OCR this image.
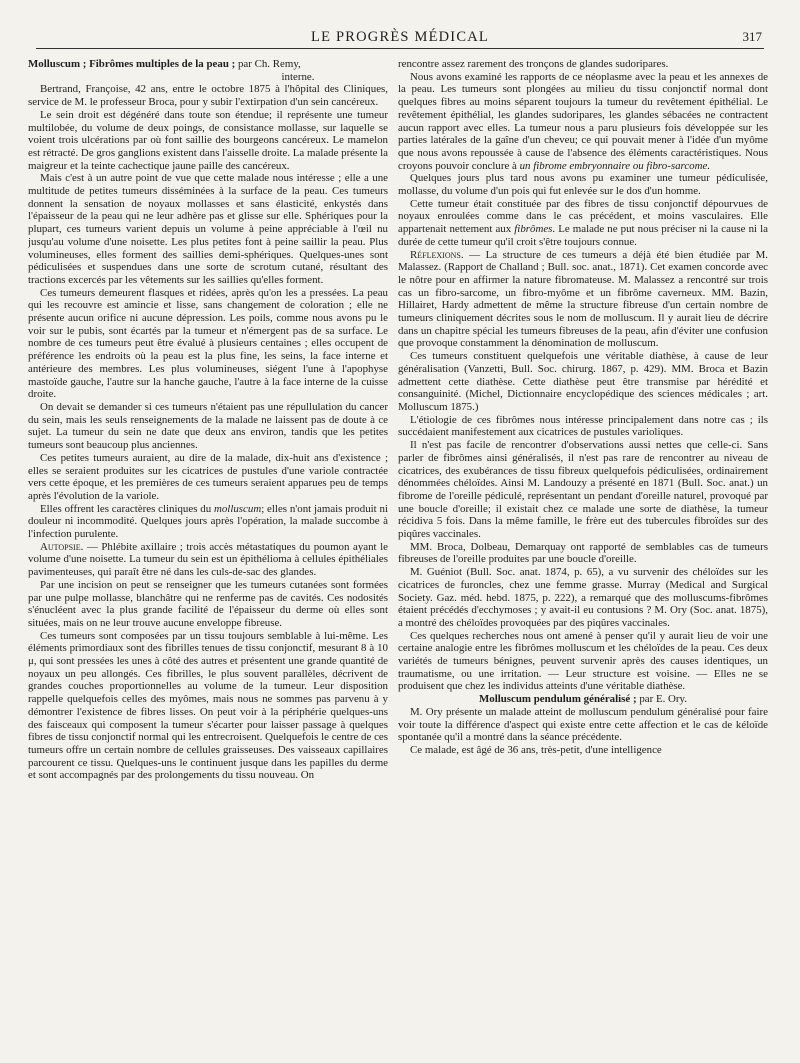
LE PROGRÈS MÉDICAL	317

Molluscum ; Fibrômes multiples de la peau ; par Ch. Remy,
interne.

Bertrand, Françoise, 42 ans, entre le octobre 1875 à l'hôpital des Cliniques, service de M. le professeur Broca, pour y subir l'extirpation d'un sein cancéreux.

Le sein droit est dégénéré dans toute son étendue; il représente une tumeur multilobée, du volume de deux poings, de consistance mollasse, sur laquelle se voient trois ulcérations par où font saillie des bourgeons cancéreux. Le mamelon est rétracté. De gros ganglions existent dans l'aisselle droite. La malade présente la maigreur et la teinte cachectique jaune paille des cancéreux.

Mais c'est à un autre point de vue que cette malade nous intéresse ; elle a une multitude de petites tumeurs disséminées à la surface de la peau. Ces tumeurs donnent la sensation de noyaux mollasses et sans élasticité, enkystés dans l'épaisseur de la peau qui ne leur adhère pas et glisse sur elle. Sphériques pour la plupart, ces tumeurs varient depuis un volume à peine appréciable à l'œil nu jusqu'au volume d'une noisette. Les plus petites font à peine saillir la peau. Plus volumineuses, elles forment des saillies demi-sphériques. Quelques-unes sont pédiculisées et suspendues dans une sorte de scrotum cutané, résultant des tractions excercés par les vêtements sur les saillies qu'elles forment.

Ces tumeurs demeurent flasques et ridées, après qu'on les a pressées. La peau qui les recouvre est amincie et lisse, sans changement de coloration ; elle ne présente aucun orifice ni aucune dépression. Les poils, comme nous avons pu le voir sur le pubis, sont écartés par la tumeur et n'émergent pas de sa surface. Le nombre de ces tumeurs peut être évalué à plusieurs centaines ; elles occupent de préférence les endroits où la peau est la plus fine, les seins, la face interne et antérieure des membres. Les plus volumineuses, siégent l'une à l'apophyse mastoïde gauche, l'autre sur la hanche gauche, l'autre à la face interne de la cuisse droite.

On devait se demander si ces tumeurs n'étaient pas une répullulation du cancer du sein, mais les seuls renseignements de la malade ne laissent pas de doute à ce sujet. La tumeur du sein ne date que deux ans environ, tandis que les petites tumeurs sont beaucoup plus anciennes.

Ces petites tumeurs auraient, au dire de la malade, dix-huit ans d'existence ; elles se seraient produites sur les cicatrices de pustules d'une variole contractée vers cette époque, et les premières de ces tumeurs seraient apparues peu de temps après l'évolution de la variole.

Elles offrent les caractères cliniques du molluscum; elles n'ont jamais produit ni douleur ni incommodité. Quelques jours après l'opération, la malade succombe à l'infection purulente.

Autopsie. — Phlébite axillaire ; trois accès métastatiques du poumon ayant le volume d'une noisette. La tumeur du sein est un épithélioma à cellules épithéliales pavimenteuses, qui paraît être né dans les culs-de-sac des glandes.

Par une incision on peut se renseigner que les tumeurs cutanées sont formées par une pulpe mollasse, blanchâtre qui ne renferme pas de cavités. Ces nodosités s'énucléent avec la plus grande facilité de l'épaisseur du derme où elles sont situées, mais on ne leur trouve aucune enveloppe fibreuse.

Ces tumeurs sont composées par un tissu toujours semblable à lui-même. Les éléments primordiaux sont des fibrilles tenues de tissu conjonctif, mesurant 8 à 10 μ, qui sont pressées les unes à côté des autres et présentent une grande quantité de noyaux un peu allongés. Ces fibrilles, le plus souvent parallèles, décrivent de grandes couches proportionnelles au volume de la tumeur. Leur disposition rappelle quelquefois celles des myômes, mais nous ne sommes pas parvenu à y démontrer l'existence de fibres lisses. On peut voir à la périphérie quelques-uns des faisceaux qui composent la tumeur s'écarter pour laisser passage à quelques fibres de tissu conjonctif normal qui les entrecroisent. Quelquefois le centre de ces tumeurs offre un certain nombre de cellules graisseuses. Des vaisseaux capillaires parcourent ce tissu. Quelques-uns le continuent jusque dans les papilles du derme et sont accompagnés par des prolongements du tissu nouveau. On

rencontre assez rarement des tronçons de glandes sudoripares.

Nous avons examiné les rapports de ce néoplasme avec la peau et les annexes de la peau. Les tumeurs sont plongées au milieu du tissu conjonctif normal dont quelques fibres au moins séparent toujours la tumeur du revêtement épithélial. Le revêtement épithélial, les glandes sudoripares, les glandes sébacées ne contractent aucun rapport avec elles. La tumeur nous a paru plusieurs fois développée sur les parties latérales de la gaîne d'un cheveu; ce qui pouvait mener à l'idée d'un myôme que nous avons repoussée à cause de l'absence des éléments caractéristiques. Nous croyons pouvoir conclure à un fibrome embryonnaire ou fibro-sarcome.

Quelques jours plus tard nous avons pu examiner une tumeur pédiculisée, mollasse, du volume d'un pois qui fut enlevée sur le dos d'un homme.

Cette tumeur était constituée par des fibres de tissu conjonctif dépourvues de noyaux enroulées comme dans le cas précédent, et moins vasculaires. Elle appartenait nettement aux fibrômes. Le malade ne put nous préciser ni la cause ni la durée de cette tumeur qu'il croit s'être toujours connue.

Réflexions. — La structure de ces tumeurs a déjà été bien étudiée par M. Malassez. (Rapport de Challand ; Bull. soc. anat., 1871). Cet examen concorde avec le nôtre pour en affirmer la nature fibromateuse. M. Malassez a rencontré sur trois cas un fibro-sarcome, un fibro-myôme et un fibrôme caverneux. MM. Bazin, Hillairet, Hardy admettent de même la structure fibreuse d'un certain nombre de tumeurs cliniquement décrites sous le nom de molluscum. Il y aurait lieu de décrire dans un chapitre spécial les tumeurs fibreuses de la peau, afin d'éviter une confusion que provoque constamment la dénomination de molluscum.

Ces tumeurs constituent quelquefois une véritable diathèse, à cause de leur généralisation (Vanzetti, Bull. Soc. chirurg. 1867, p. 429). MM. Broca et Bazin admettent cette diathèse. Cette diathèse peut être transmise par hérédité et consanguinité. (Michel, Dictionnaire encyclopédique des sciences médicales ; art. Molluscum 1875.)

L'étiologie de ces fibrômes nous intéresse principalement dans notre cas ; ils succédaient manifestement aux cicatrices de pustules varioliques.

Il n'est pas facile de rencontrer d'observations aussi nettes que celle-ci. Sans parler de fibrômes ainsi généralisés, il n'est pas rare de rencontrer au niveau de cicatrices, des exubérances de tissu fibreux quelquefois pédiculisées, ordinairement dénommées chéloïdes. Ainsi M. Landouzy a présenté en 1871 (Bull. Soc. anat.) un fibrome de l'oreille pédiculé, représentant un pendant d'oreille naturel, provoqué par une boucle d'oreille; il existait chez ce malade une sorte de diathèse, la tumeur récidiva 5 fois. Dans la même famille, le frère eut des tubercules fibroïdes sur des piqûres vaccinales.

MM. Broca, Dolbeau, Demarquay ont rapporté de semblables cas de tumeurs fibreuses de l'oreille produites par une boucle d'oreille.

M. Guéniot (Bull. Soc. anat. 1874, p. 65), a vu survenir des chéloïdes sur les cicatrices de furoncles, chez une femme grasse. Murray (Medical and Surgical Society. Gaz. méd. hebd. 1875, p. 222), a remarqué que des molluscums-fibrômes étaient précédés d'ecchymoses ; y avait-il eu contusions ? M. Ory (Soc. anat. 1875), a montré des chéloïdes provoquées par des piqûres vaccinales.

Ces quelques recherches nous ont amené à penser qu'il y aurait lieu de voir une certaine analogie entre les fibrômes molluscum et les chéloïdes de la peau. Ces deux variétés de tumeurs bénignes, peuvent survenir après des causes identiques, un traumatisme, ou une irritation. — Leur structure est voisine. — Elles ne se produisent que chez les individus atteints d'une véritable diathèse.

Molluscum pendulum généralisé ; par E. Ory.

M. Ory présente un malade atteint de molluscum pendulum généralisé pour faire voir toute la différence d'aspect qui existe entre cette affection et le cas de kéloïde spontanée qu'il a montré dans la séance précédente.

Ce malade, est âgé de 36 ans, très-petit, d'une intelligence
